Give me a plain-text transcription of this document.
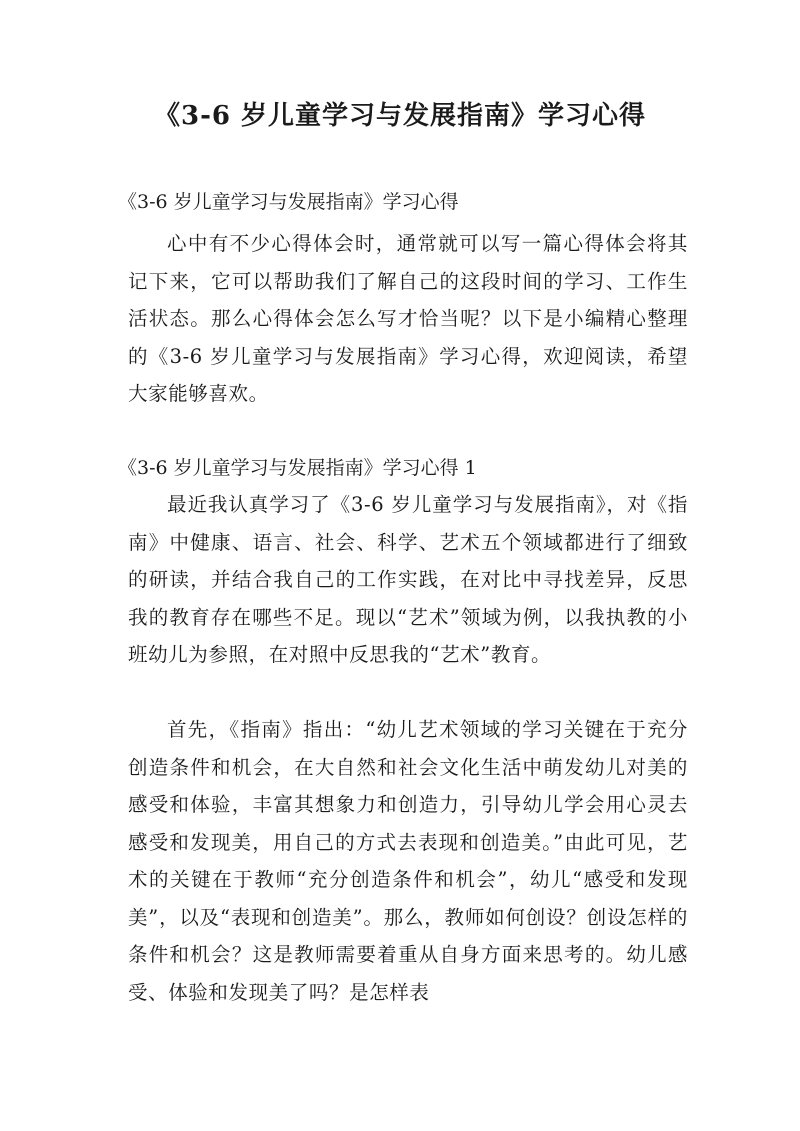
《3-6 岁儿童学习与发展指南》学习心得

《3-6 岁儿童学习与发展指南》学习心得

心中有不少心得体会时，通常就可以写一篇心得体会将其记下来，它可以帮助我们了解自己的这段时间的学习、工作生活状态。那么心得体会怎么写才恰当呢？以下是小编精心整理的《3-6 岁儿童学习与发展指南》学习心得，欢迎阅读，希望大家能够喜欢。

《3-6 岁儿童学习与发展指南》学习心得 1

最近我认真学习了《3-6 岁儿童学习与发展指南》，对《指南》中健康、语言、社会、科学、艺术五个领域都进行了细致的研读，并结合我自己的工作实践，在对比中寻找差异，反思我的教育存在哪些不足。现以“艺术”领域为例，以我执教的小班幼儿为参照，在对照中反思我的“艺术”教育。

首先，《指南》指出：“幼儿艺术领域的学习关键在于充分创造条件和机会，在大自然和社会文化生活中萌发幼儿对美的感受和体验，丰富其想象力和创造力，引导幼儿学会用心灵去感受和发现美，用自己的方式去表现和创造美。”由此可见，艺术的关键在于教师“充分创造条件和机会”，幼儿“感受和发现美”，以及“表现和创造美”。那么，教师如何创设？创设怎样的条件和机会？这是教师需要着重从自身方面来思考的。幼儿感受、体验和发现美了吗？是怎样表
